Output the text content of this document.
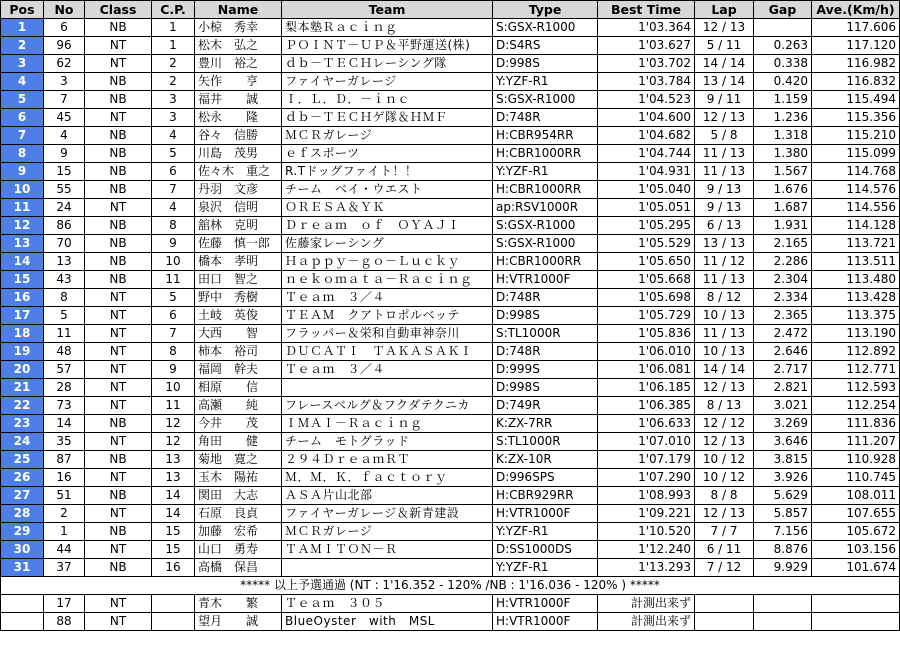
Pos	No	Class	C.P.	Name	Team	Type	Best Time	Lap	Gap	Ave.(Km/h)
1	6	NB	1	小椋　秀幸	梨本塾Ｒａｃｉｎｇ	S:GSX-R1000	1'03.364	12 / 13		117.606
2	96	NT	1	松木　弘之	ＰＯＩＮＴ－ＵＰ＆平野運送(株)	D:S4RS	1'03.627	5 / 11	0.263	117.120
3	62	NT	2	豊川　裕之	ｄｂ－ＴＥＣＨレーシング隊	D:998S	1'03.702	14 / 14	0.338	116.982
4	3	NB	2	矢作　　亨	ファイヤーガレージ	Y:YZF-R1	1'03.784	13 / 14	0.420	116.832
5	7	NB	3	福井　　誠	Ｉ．Ｌ．Ｄ．－ｉｎｃ	S:GSX-R1000	1'04.523	9 / 11	1.159	115.494
6	45	NT	3	松永　　隆	ｄｂ－ＴＥＣＨゲ隊＆ＨＭＦ	D:748R	1'04.600	12 / 13	1.236	115.356
7	4	NB	4	谷々　信勝	ＭＣＲガレージ	H:CBR954RR	1'04.682	5 / 8	1.318	115.210
8	9	NB	5	川島　茂男	ｅｆスポーツ	H:CBR1000RR	1'04.744	11 / 13	1.380	115.099
9	15	NB	6	佐々木　重之	R.Tドッグファイト！！	Y:YZF-R1	1'04.931	11 / 13	1.567	114.768
10	55	NB	7	丹羽　文彦	チーム　ベイ・ウエスト	H:CBR1000RR	1'05.040	9 / 13	1.676	114.576
11	24	NT	4	泉沢　信明	ＯＲＥＳＡ＆ＹＫ	ap:RSV1000R	1'05.051	9 / 13	1.687	114.556
12	86	NB	8	舘林　克明	Ｄｒｅａｍ　ｏｆ　ＯＹＡＪＩ	S:GSX-R1000	1'05.295	6 / 13	1.931	114.128
13	70	NB	9	佐藤　慎一郎	佐藤家レーシング	S:GSX-R1000	1'05.529	13 / 13	2.165	113.721
14	13	NB	10	橋本　孝明	Ｈａｐｐｙ－ｇｏ－Ｌｕｃｋｙ	H:CBR1000RR	1'05.650	11 / 12	2.286	113.511
15	43	NB	11	田口　智之	ｎｅｋｏｍａｔａ－Ｒａｃｉｎｇ	H:VTR1000F	1'05.668	11 / 13	2.304	113.480
16	8	NT	5	野中　秀樹	Ｔｅａｍ　３／４	D:748R	1'05.698	8 / 12	2.334	113.428
17	5	NT	6	土岐　英俊	ＴＥＡＭ　クアトロポルベッテ	D:998S	1'05.729	10 / 13	2.365	113.375
18	11	NT	7	大西　　智	フラッパー＆栄和自動車神奈川	S:TL1000R	1'05.836	11 / 13	2.472	113.190
19	48	NT	8	柿本　裕司	ＤＵＣＡＴＩ　ＴＡＫＡＳＡＫＩ	D:748R	1'06.010	10 / 13	2.646	112.892
20	57	NT	9	福岡　幹夫	Ｔｅａｍ　３／４	D:999S	1'06.081	14 / 14	2.717	112.771
21	28	NT	10	相原　　信		D:998S	1'06.185	12 / 13	2.821	112.593
22	73	NT	11	高瀬　　純	フレースベルグ＆フクダテクニカ	D:749R	1'06.385	8 / 13	3.021	112.254
23	14	NB	12	今井　　茂	ＩＭＡＩ－Ｒａｃｉｎｇ	K:ZX-7RR	1'06.633	12 / 12	3.269	111.836
24	35	NT	12	角田　　健	チーム　モトグラッド	S:TL1000R	1'07.010	12 / 13	3.646	111.207
25	87	NB	13	菊地　寛之	２９４ＤｒｅａｍＲＴ	K:ZX-10R	1'07.179	10 / 12	3.815	110.928
26	16	NT	13	玉木　陽祐	Ｍ．Ｍ．Ｋ．ｆａｃｔｏｒｙ	D:996SPS	1'07.290	10 / 12	3.926	110.745
27	51	NB	14	関田　大志	ＡＳＡ片山北部	H:CBR929RR	1'08.993	8 / 8	5.629	108.011
28	2	NT	14	石原　良貞	ファイヤーガレージ＆新青建設	H:VTR1000F	1'09.221	12 / 13	5.857	107.655
29	1	NB	15	加藤　宏希	ＭＣＲガレージ	Y:YZF-R1	1'10.520	7 / 7	7.156	105.672
30	44	NT	15	山口　勇寿	ＴＡＭＩＴＯＮ－Ｒ	D:SS1000DS	1'12.240	6 / 11	8.876	103.156
31	37	NB	16	高橋　保昌		Y:YZF-R1	1'13.293	7 / 12	9.929	101.674
***** 以上予選通過 (NT : 1'16.352 - 120% /NB : 1'16.036 - 120% ) *****										
	17	NT		青木　　繁	Ｔｅａｍ　３０５	H:VTR1000F	計測出来ず			
	88	NT		望月　　誠	BlueOyster　with　MSL	H:VTR1000F	計測出来ず			
